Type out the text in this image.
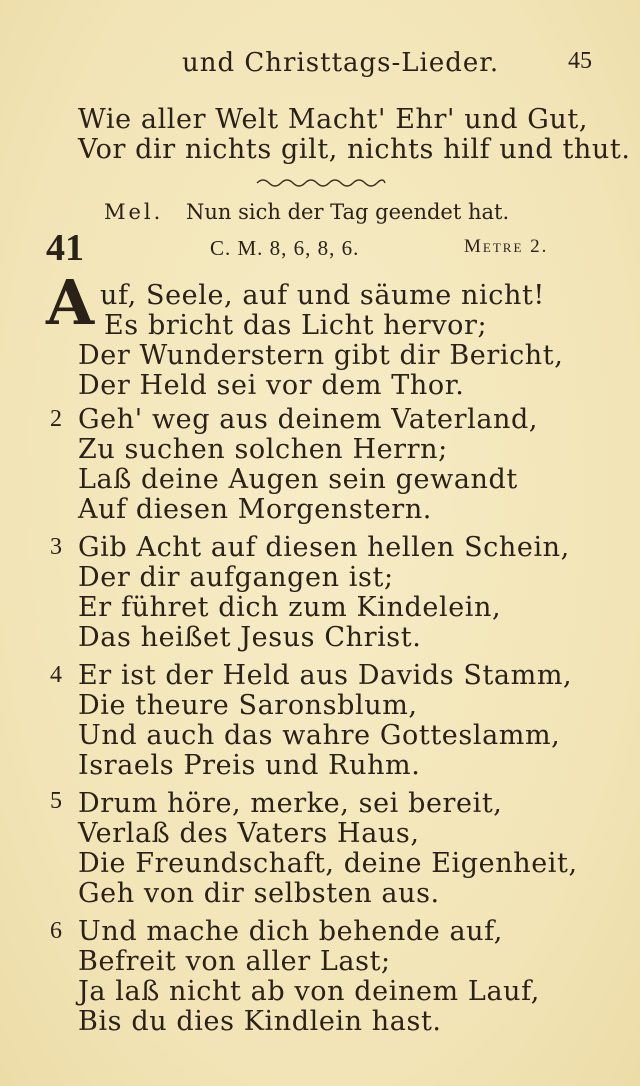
und Christtags-Lieder.	45
Wie aller Welt Macht' Ehr' und Gut,
Vor dir nichts gilt, nichts hilf und thut.
Mel. Nun sich der Tag geendet hat.
41	C. M. 8, 6, 8, 6.	Metre 2.
A uf, Seele, auf und säume nicht!
Es bricht das Licht hervor;
Der Wunderstern gibt dir Bericht,
Der Held sei vor dem Thor.
2 Geh' weg aus deinem Vaterland,
Zu suchen solchen Herrn;
Laß deine Augen sein gewandt
Auf diesen Morgenstern.
3 Gib Acht auf diesen hellen Schein,
Der dir aufgangen ist;
Er führet dich zum Kindelein,
Das heißet Jesus Christ.
4 Er ist der Held aus Davids Stamm,
Die theure Saronsblum,
Und auch das wahre Gotteslamm,
Israels Preis und Ruhm.
5 Drum höre, merke, sei bereit,
Verlaß des Vaters Haus,
Die Freundschaft, deine Eigenheit,
Geh von dir selbsten aus.
6 Und mache dich behende auf,
Befreit von aller Last;
Ja laß nicht ab von deinem Lauf,
Bis du dies Kindlein hast.
